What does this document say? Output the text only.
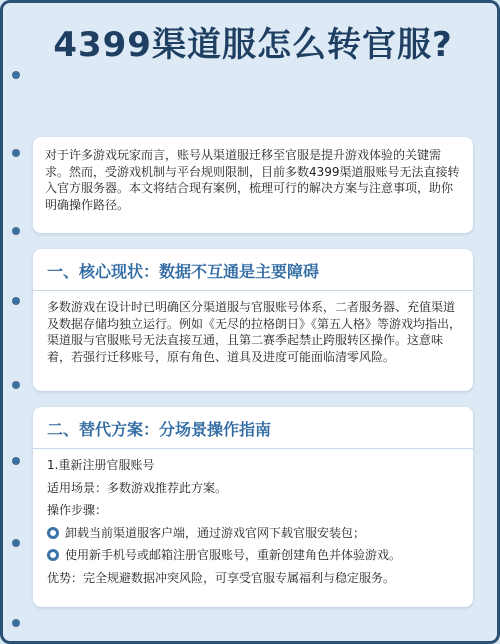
4399渠道服怎么转官服?

对于许多游戏玩家而言，账号从渠道服迁移至官服是提升游戏体验的关键需求。然而，受游戏机制与平台规则限制，目前多数4399渠道服账号无法直接转入官方服务器。本文将结合现有案例，梳理可行的解决方案与注意事项，助你明确操作路径。

一、核心现状：数据不互通是主要障碍

多数游戏在设计时已明确区分渠道服与官服账号体系，二者服务器、充值渠道及数据存储均独立运行。例如《无尽的拉格朗日》《第五人格》等游戏均指出，渠道服与官服账号无法直接互通，且第二赛季起禁止跨服转区操作。这意味着，若强行迁移账号，原有角色、道具及进度可能面临清零风险。

二、替代方案：分场景操作指南
1.重新注册官服账号
适用场景：多数游戏推荐此方案。
操作步骤：
卸载当前渠道服客户端，通过游戏官网下载官服安装包；
使用新手机号或邮箱注册官服账号，重新创建角色并体验游戏。
优势：完全规避数据冲突风险，可享受官服专属福利与稳定服务。
